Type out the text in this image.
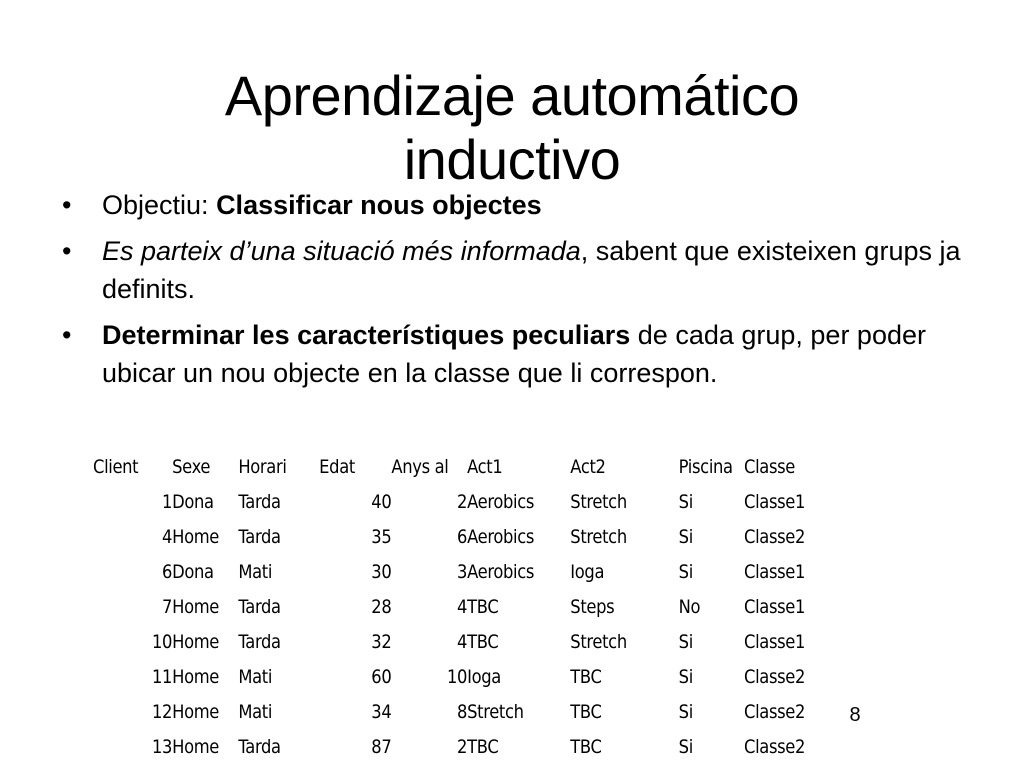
Aprendizaje automático
inductivo
• Objectiu: Classificar nous objectes
• Es parteix d’una situació més informada, sabent que existeixen grups ja definits.
• Determinar les característiques peculiars de cada grup, per poder ubicar un nou objecte en la classe que li correspon.
Client	Sexe	Horari	Edat	Anys al	Act1	Act2	Piscina	Classe
1	Dona	Tarda	40	2	Aerobics	Stretch	Si	Classe1
4	Home	Tarda	35	6	Aerobics	Stretch	Si	Classe2
6	Dona	Mati	30	3	Aerobics	Ioga	Si	Classe1
7	Home	Tarda	28	4	TBC	Steps	No	Classe1
10	Home	Tarda	32	4	TBC	Stretch	Si	Classe1
11	Home	Mati	60	10	Ioga	TBC	Si	Classe2
12	Home	Mati	34	8	Stretch	TBC	Si	Classe2
13	Home	Tarda	87	2	TBC	TBC	Si	Classe2
8
